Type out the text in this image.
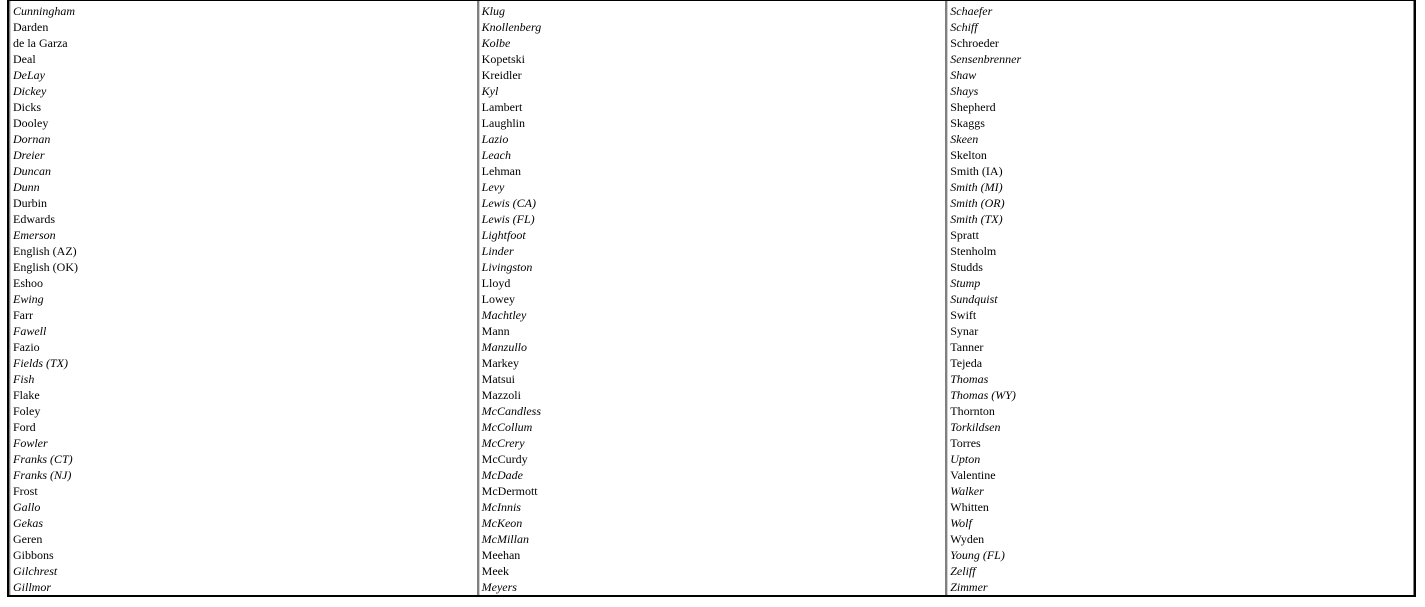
Cunningham
Darden
de la Garza
Deal
DeLay
Dickey
Dicks
Dooley
Dornan
Dreier
Duncan
Dunn
Durbin
Edwards
Emerson
English (AZ)
English (OK)
Eshoo
Ewing
Farr
Fawell
Fazio
Fields (TX)
Fish
Flake
Foley
Ford
Fowler
Franks (CT)
Franks (NJ)
Frost
Gallo
Gekas
Geren
Gibbons
Gilchrest
Gillmor

Klug
Knollenberg
Kolbe
Kopetski
Kreidler
Kyl
Lambert
Laughlin
Lazio
Leach
Lehman
Levy
Lewis (CA)
Lewis (FL)
Lightfoot
Linder
Livingston
Lloyd
Lowey
Machtley
Mann
Manzullo
Markey
Matsui
Mazzoli
McCandless
McCollum
McCrery
McCurdy
McDade
McDermott
McInnis
McKeon
McMillan
Meehan
Meek
Meyers

Schaefer
Schiff
Schroeder
Sensenbrenner
Shaw
Shays
Shepherd
Skaggs
Skeen
Skelton
Smith (IA)
Smith (MI)
Smith (OR)
Smith (TX)
Spratt
Stenholm
Studds
Stump
Sundquist
Swift
Synar
Tanner
Tejeda
Thomas
Thomas (WY)
Thornton
Torkildsen
Torres
Upton
Valentine
Walker
Whitten
Wolf
Wyden
Young (FL)
Zeliff
Zimmer
